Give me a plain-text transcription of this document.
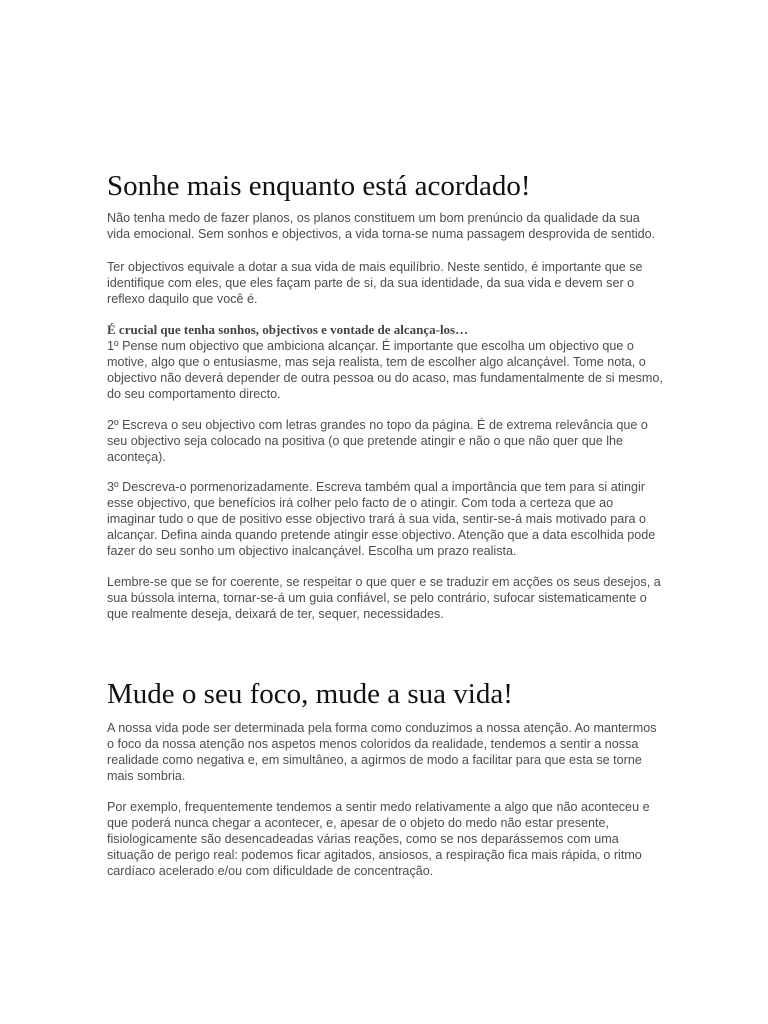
Sonhe mais enquanto está acordado!

Não tenha medo de fazer planos, os planos constituem um bom prenúncio da qualidade da sua
vida emocional. Sem sonhos e objectivos, a vida torna-se numa passagem desprovida de sentido.

Ter objectivos equivale a dotar a sua vida de mais equilíbrio. Neste sentido, é importante que se
identifique com eles, que eles façam parte de si, da sua identidade, da sua vida e devem ser o
reflexo daquilo que você é.

É crucial que tenha sonhos, objectivos e vontade de alcança-los…
1º Pense num objectivo que ambiciona alcançar. É importante que escolha um objectivo que o
motive, algo que o entusiasme, mas seja realista, tem de escolher algo alcançável. Tome nota, o
objectivo não deverá depender de outra pessoa ou do acaso, mas fundamentalmente de si mesmo,
do seu comportamento directo.

2º Escreva o seu objectivo com letras grandes no topo da página. É de extrema relevância que o
seu objectivo seja colocado na positiva (o que pretende atingir e não o que não quer que lhe
aconteça).

3º Descreva-o pormenorizadamente. Escreva também qual a importância que tem para si atingir
esse objectivo, que benefícios irá colher pelo facto de o atingir. Com toda a certeza que ao
imaginar tudo o que de positivo esse objectivo trará à sua vida, sentir-se-á mais motivado para o
alcançar. Defina ainda quando pretende atingir esse objectivo. Atenção que a data escolhida pode
fazer do seu sonho um objectivo inalcançável. Escolha um prazo realista.

Lembre-se que se for coerente, se respeitar o que quer e se traduzir em acções os seus desejos, a
sua bússola interna, tornar-se-á um guia confiável, se pelo contrário, sufocar sistematicamente o
que realmente deseja, deixará de ter, sequer, necessidades.

Mude o seu foco, mude a sua vida!

A nossa vida pode ser determinada pela forma como conduzimos a nossa atenção. Ao mantermos
o foco da nossa atenção nos aspetos menos coloridos da realidade, tendemos a sentir a nossa
realidade como negativa e, em simultâneo, a agirmos de modo a facilitar para que esta se torne
mais sombria.

Por exemplo, frequentemente tendemos a sentir medo relativamente a algo que não aconteceu e
que poderá nunca chegar a acontecer, e, apesar de o objeto do medo não estar presente,
fisiologicamente são desencadeadas várias reações, como se nos deparássemos com uma
situação de perigo real: podemos ficar agitados, ansiosos, a respiração fica mais rápida, o ritmo
cardíaco acelerado e/ou com dificuldade de concentração.
